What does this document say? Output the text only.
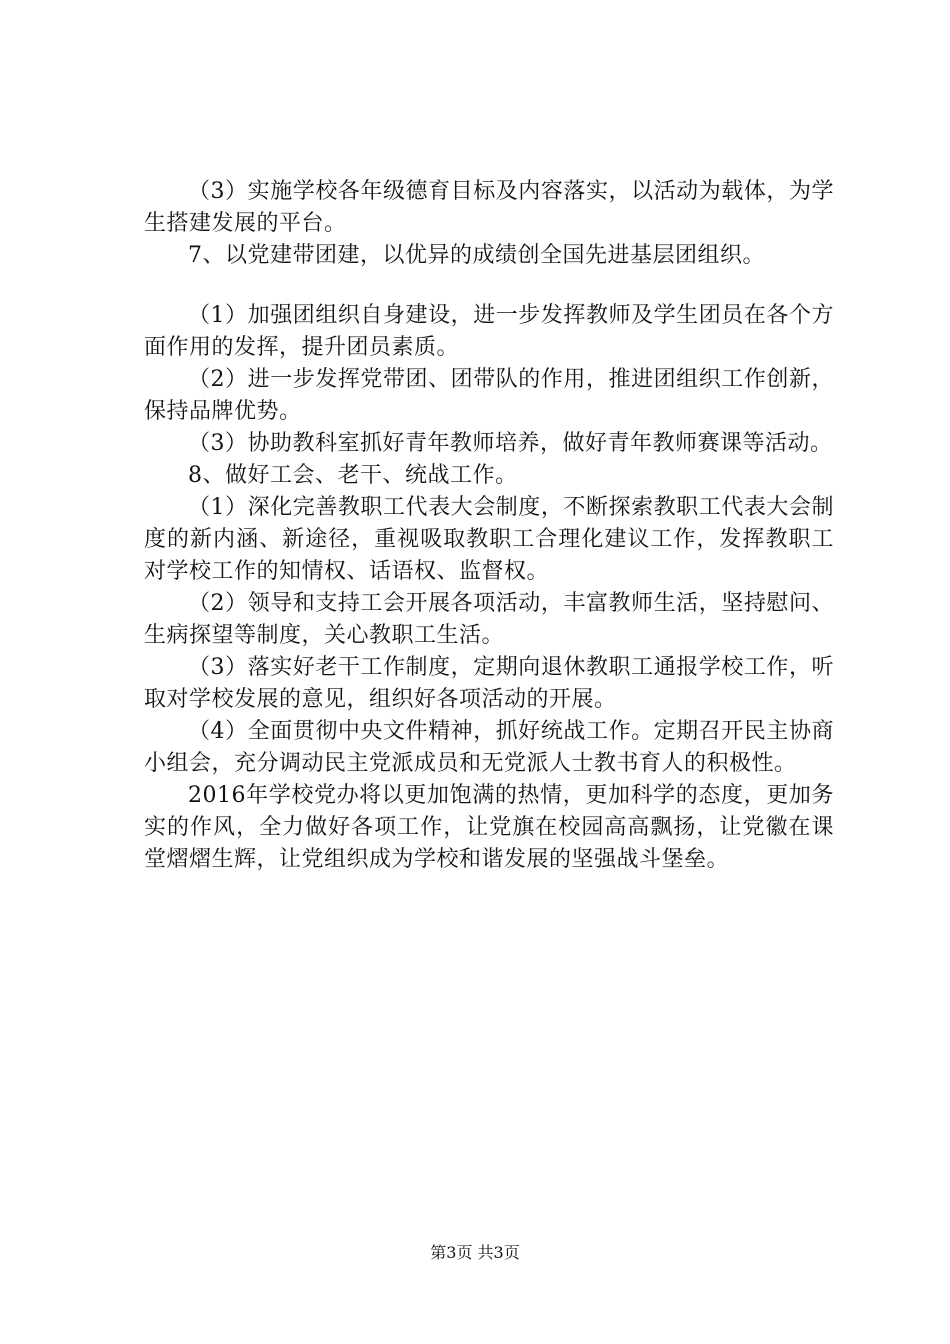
（3）实施学校各年级德育目标及内容落实，以活动为载体，为学生搭建发展的平台。

7、以党建带团建，以优异的成绩创全国先进基层团组织。

（1）加强团组织自身建设，进一步发挥教师及学生团员在各个方面作用的发挥，提升团员素质。

（2）进一步发挥党带团、团带队的作用，推进团组织工作创新，保持品牌优势。

（3）协助教科室抓好青年教师培养，做好青年教师赛课等活动。

8、做好工会、老干、统战工作。

（1）深化完善教职工代表大会制度，不断探索教职工代表大会制度的新内涵、新途径，重视吸取教职工合理化建议工作，发挥教职工对学校工作的知情权、话语权、监督权。

（2）领导和支持工会开展各项活动，丰富教师生活，坚持慰问、生病探望等制度，关心教职工生活。

（3）落实好老干工作制度，定期向退休教职工通报学校工作，听取对学校发展的意见，组织好各项活动的开展。

（4）全面贯彻中央文件精神，抓好统战工作。定期召开民主协商小组会，充分调动民主党派成员和无党派人士教书育人的积极性。

2016年学校党办将以更加饱满的热情，更加科学的态度，更加务实的作风，全力做好各项工作，让党旗在校园高高飘扬，让党徽在课堂熠熠生辉，让党组织成为学校和谐发展的坚强战斗堡垒。

第3页 共3页
